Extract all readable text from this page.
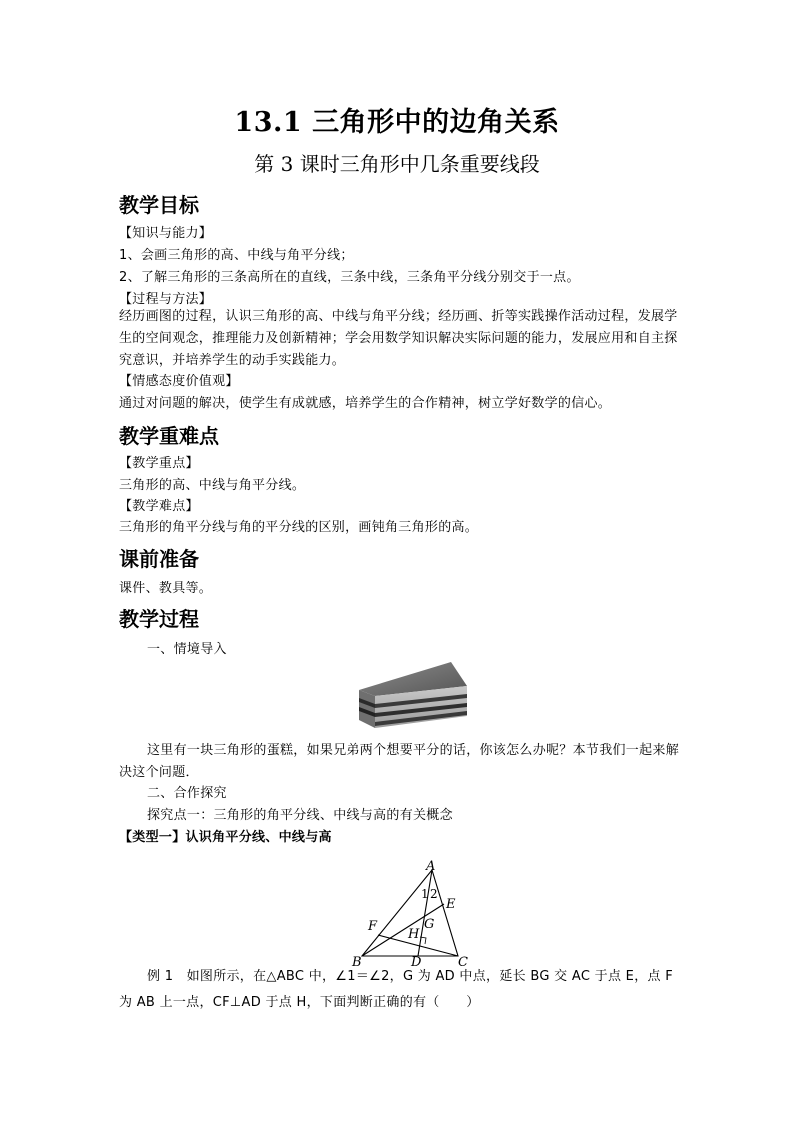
13.1 三角形中的边角关系
第 3 课时三角形中几条重要线段
教学目标
【知识与能力】
1、会画三角形的高、中线与角平分线；
2、了解三角形的三条高所在的直线，三条中线，三条角平分线分别交于一点。
【过程与方法】
经历画图的过程，认识三角形的高、中线与角平分线；经历画、折等实践操作活动过程，发展学生的空间观念，推理能力及创新精神；学会用数学知识解决实际问题的能力，发展应用和自主探究意识，并培养学生的动手实践能力。
【情感态度价值观】
通过对问题的解决，使学生有成就感，培养学生的合作精神，树立学好数学的信心。
教学重难点
【教学重点】
三角形的高、中线与角平分线。
【教学难点】
三角形的角平分线与角的平分线的区别，画钝角三角形的高。
课前准备
课件、教具等。
教学过程
一、情境导入
这里有一块三角形的蛋糕，如果兄弟两个想要平分的话，你该怎么办呢？本节我们一起来解决这个问题．
二、合作探究
探究点一：三角形的角平分线、中线与高的有关概念
【类型一】认识角平分线、中线与高
A
B	C
D
E
F	G
H
1 2
例 1　如图所示，在△ABC 中，∠1＝∠2，G 为 AD 中点，延长 BG 交 AC 于点 E，点 F 为 AB 上一点，CF⊥AD 于点 H，下面判断正确的有（　　）
